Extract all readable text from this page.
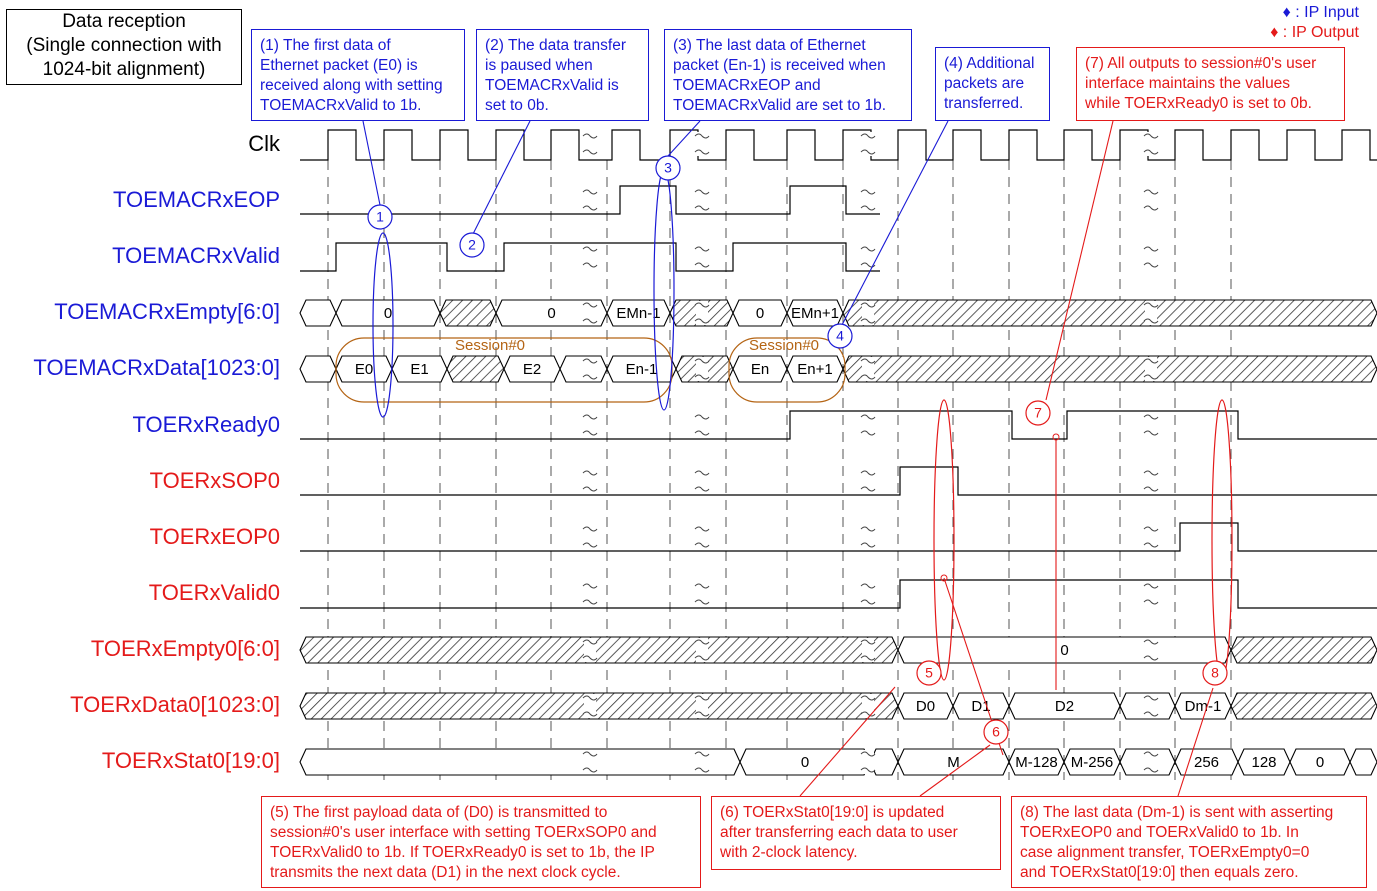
0	0	EMn-1	0 EMn+1
E0 E1	E2	En-1	En En+1
0
D0 D1	D2	Dm-1
0	M	M-128 M-256	256 128	0
Session#0	Session#0
1
2
3
4
5
6
7
8
Data reception
(Single connection with
1024-bit alignment)
♦ : IP Input
♦ : IP Output
Clk
TOEMACRxEOP
TOEMACRxValid
TOEMACRxEmpty[6:0]
TOEMACRxData[1023:0]
TOERxReady0
TOERxSOP0
TOERxEOP0
TOERxValid0
TOERxEmpty0[6:0]
TOERxData0[1023:0]
TOERxStat0[19:0]
(1) The first data of
Ethernet packet (E0) is
received along with setting
TOEMACRxValid to 1b.
(2) The data transfer
is paused when
TOEMACRxValid is
set to 0b.
(3) The last data of Ethernet
packet (En-1) is received when
TOEMACRxEOP and
TOEMACRxValid are set to 1b.
(4) Additional
packets are
transferred.
(7) All outputs to session#0's user
interface maintains the values
while TOERxReady0 is set to 0b.
(5) The first payload data of (D0) is transmitted to
session#0's user interface with setting TOERxSOP0 and
TOERxValid0 to 1b. If TOERxReady0 is set to 1b, the IP
transmits the next data (D1) in the next clock cycle.
(6) TOERxStat0[19:0] is updated
after transferring each data to user
with 2-clock latency.
(8) The last data (Dm-1) is sent with asserting
TOERxEOP0 and TOERxValid0 to 1b. In
case alignment transfer, TOERxEmpty0=0
and TOERxStat0[19:0] then equals zero.
